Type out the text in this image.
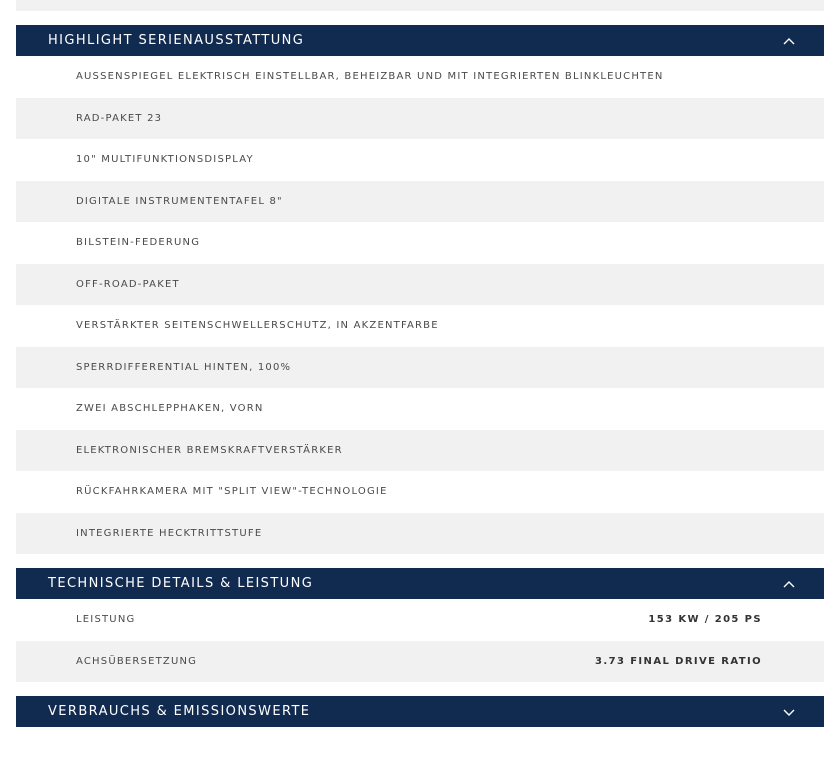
HIGHLIGHT SERIENAUSSTATTUNG
AUSSENSPIEGEL ELEKTRISCH EINSTELLBAR, BEHEIZBAR UND MIT INTEGRIERTEN BLINKLEUCHTEN
RAD-PAKET 23
10" MULTIFUNKTIONSDISPLAY
DIGITALE INSTRUMENTENTAFEL 8"
BILSTEIN-FEDERUNG
OFF-ROAD-PAKET
VERSTÄRKTER SEITENSCHWELLERSCHUTZ, IN AKZENTFARBE
SPERRDIFFERENTIAL HINTEN, 100%
ZWEI ABSCHLEPPHAKEN, VORN
ELEKTRONISCHER BREMSKRAFTVERSTÄRKER
RÜCKFAHRKAMERA MIT "SPLIT VIEW"-TECHNOLOGIE
INTEGRIERTE HECKTRITTSTUFE
TECHNISCHE DETAILS & LEISTUNG
LEISTUNG	153 KW / 205 PS
ACHSÜBERSETZUNG	3.73 FINAL DRIVE RATIO
VERBRAUCHS & EMISSIONSWERTE
